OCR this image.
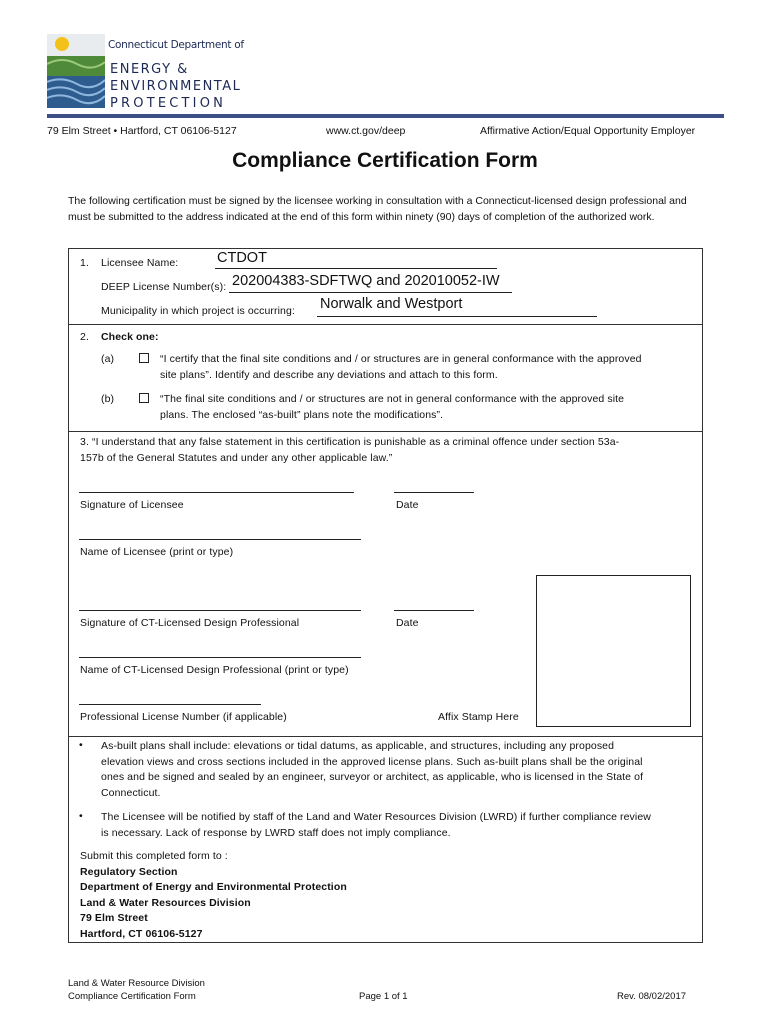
Connecticut Department of
ENERGY &
ENVIRONMENTAL
PROTECTION
79 Elm Street • Hartford, CT 06106-5127	www.ct.gov/deep	Affirmative Action/Equal Opportunity Employer
Compliance Certification Form
The following certification must be signed by the licensee working in consultation with a Connecticut-licensed design professional and must be submitted to the address indicated at the end of this form within ninety (90) days of completion of the authorized work.
1. Licensee Name:	CTDOT
DEEP License Number(s): 202004383-SDFTWQ and 202010052-IW
Municipality in which project is occurring: Norwalk and Westport
2. Check one:
(a)	“I certify that the final site conditions and / or structures are in general conformance with the approved
site plans”. Identify and describe any deviations and attach to this form.
(b)	“The final site conditions and / or structures are not in general conformance with the approved site
plans. The enclosed “as-built” plans note the modifications”.
3. “I understand that any false statement in this certification is punishable as a criminal offence under section 53a-
157b of the General Statutes and under any other applicable law.”
Signature of Licensee	Date
Name of Licensee (print or type)
Signature of CT-Licensed Design Professional	Date
Name of CT-Licensed Design Professional (print or type)
Professional License Number (if applicable)	Affix Stamp Here
• As-built plans shall include: elevations or tidal datums, as applicable, and structures, including any proposed
elevation views and cross sections included in the approved license plans. Such as-built plans shall be the original
ones and be signed and sealed by an engineer, surveyor or architect, as applicable, who is licensed in the State of
Connecticut.
• The Licensee will be notified by staff of the Land and Water Resources Division (LWRD) if further compliance review
is necessary. Lack of response by LWRD staff does not imply compliance.
Submit this completed form to :
Regulatory Section
Department of Energy and Environmental Protection
Land & Water Resources Division
79 Elm Street
Hartford, CT 06106-5127
Land & Water Resource Division
Compliance Certification Form	Page 1 of 1	Rev. 08/02/2017
